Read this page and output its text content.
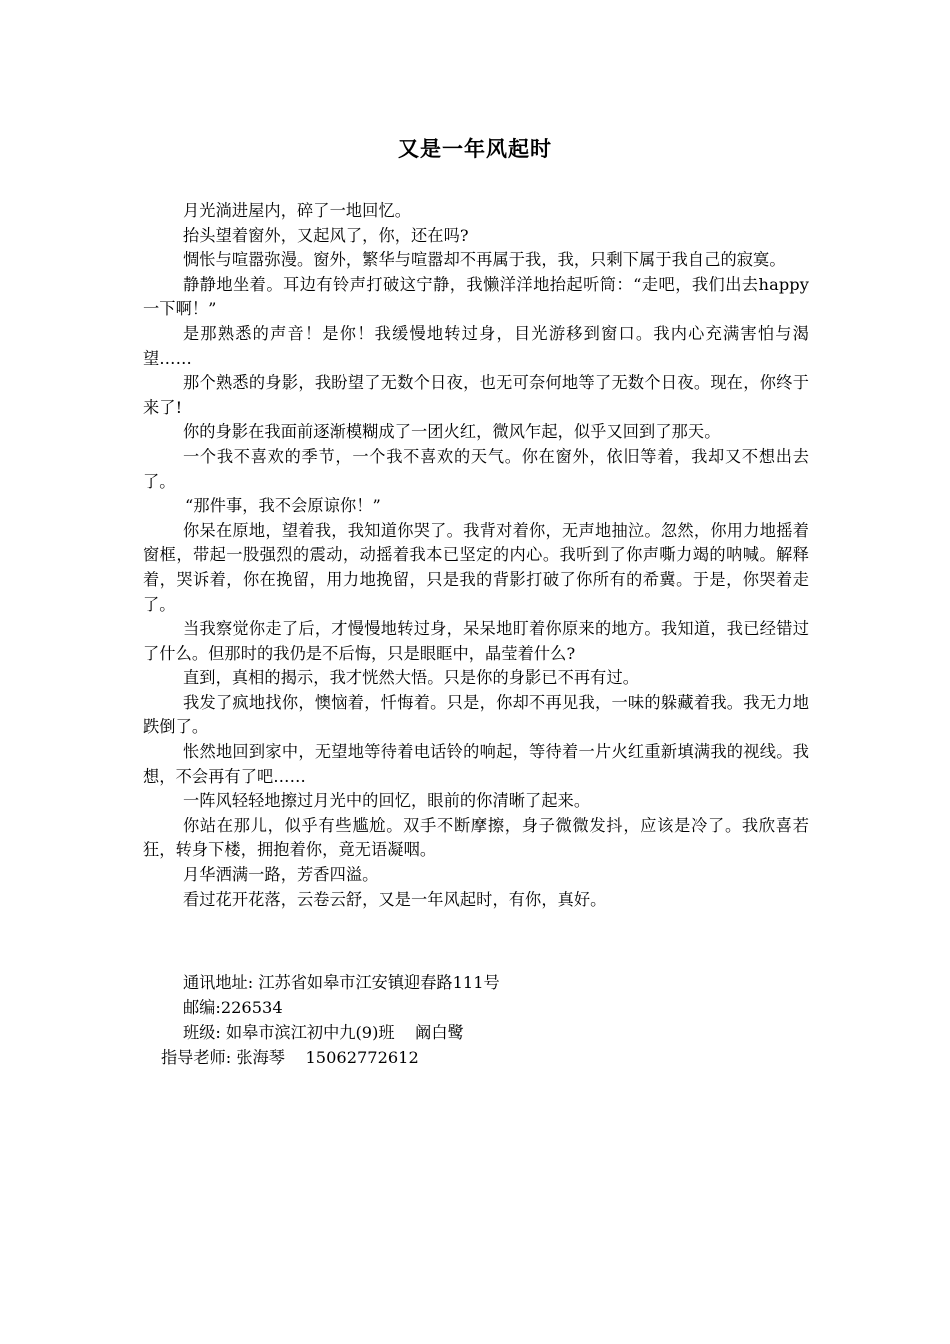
又是一年风起时

月光淌进屋内，碎了一地回忆。

抬头望着窗外，又起风了，你，还在吗?

惆怅与喧嚣弥漫。窗外，繁华与喧嚣却不再属于我，我，只剩下属于我自己的寂寞。

静静地坐着。耳边有铃声打破这宁静，我懒洋洋地抬起听筒：“走吧，我们出去happy一下啊！”

是那熟悉的声音！是你！我缓慢地转过身，目光游移到窗口。我内心充满害怕与渴望……

那个熟悉的身影，我盼望了无数个日夜，也无可奈何地等了无数个日夜。现在，你终于来了!

你的身影在我面前逐渐模糊成了一团火红，微风乍起，似乎又回到了那天。

一个我不喜欢的季节，一个我不喜欢的天气。你在窗外，依旧等着，我却又不想出去了。

“那件事，我不会原谅你！”

你呆在原地，望着我，我知道你哭了。我背对着你，无声地抽泣。忽然，你用力地摇着窗框，带起一股强烈的震动，动摇着我本已坚定的内心。我听到了你声嘶力竭的呐喊。解释着，哭诉着，你在挽留，用力地挽留，只是我的背影打破了你所有的希冀。于是，你哭着走了。

当我察觉你走了后，才慢慢地转过身，呆呆地盯着你原来的地方。我知道，我已经错过了什么。但那时的我仍是不后悔，只是眼眶中，晶莹着什么?

直到，真相的揭示，我才恍然大悟。只是你的身影已不再有过。

我发了疯地找你，懊恼着，忏悔着。只是，你却不再见我，一味的躲藏着我。我无力地跌倒了。

怅然地回到家中，无望地等待着电话铃的响起，等待着一片火红重新填满我的视线。我想，不会再有了吧……

一阵风轻轻地擦过月光中的回忆，眼前的你清晰了起来。

你站在那儿，似乎有些尴尬。双手不断摩擦，身子微微发抖，应该是冷了。我欣喜若狂，转身下楼，拥抱着你，竟无语凝咽。

月华洒满一路，芳香四溢。

看过花开花落，云卷云舒，又是一年风起时，有你，真好。

通讯地址: 江苏省如皋市江安镇迎春路111号

邮编:226534

班级: 如皋市滨江初中九(9)班    阚白鹭

指导老师: 张海琴    15062772612
